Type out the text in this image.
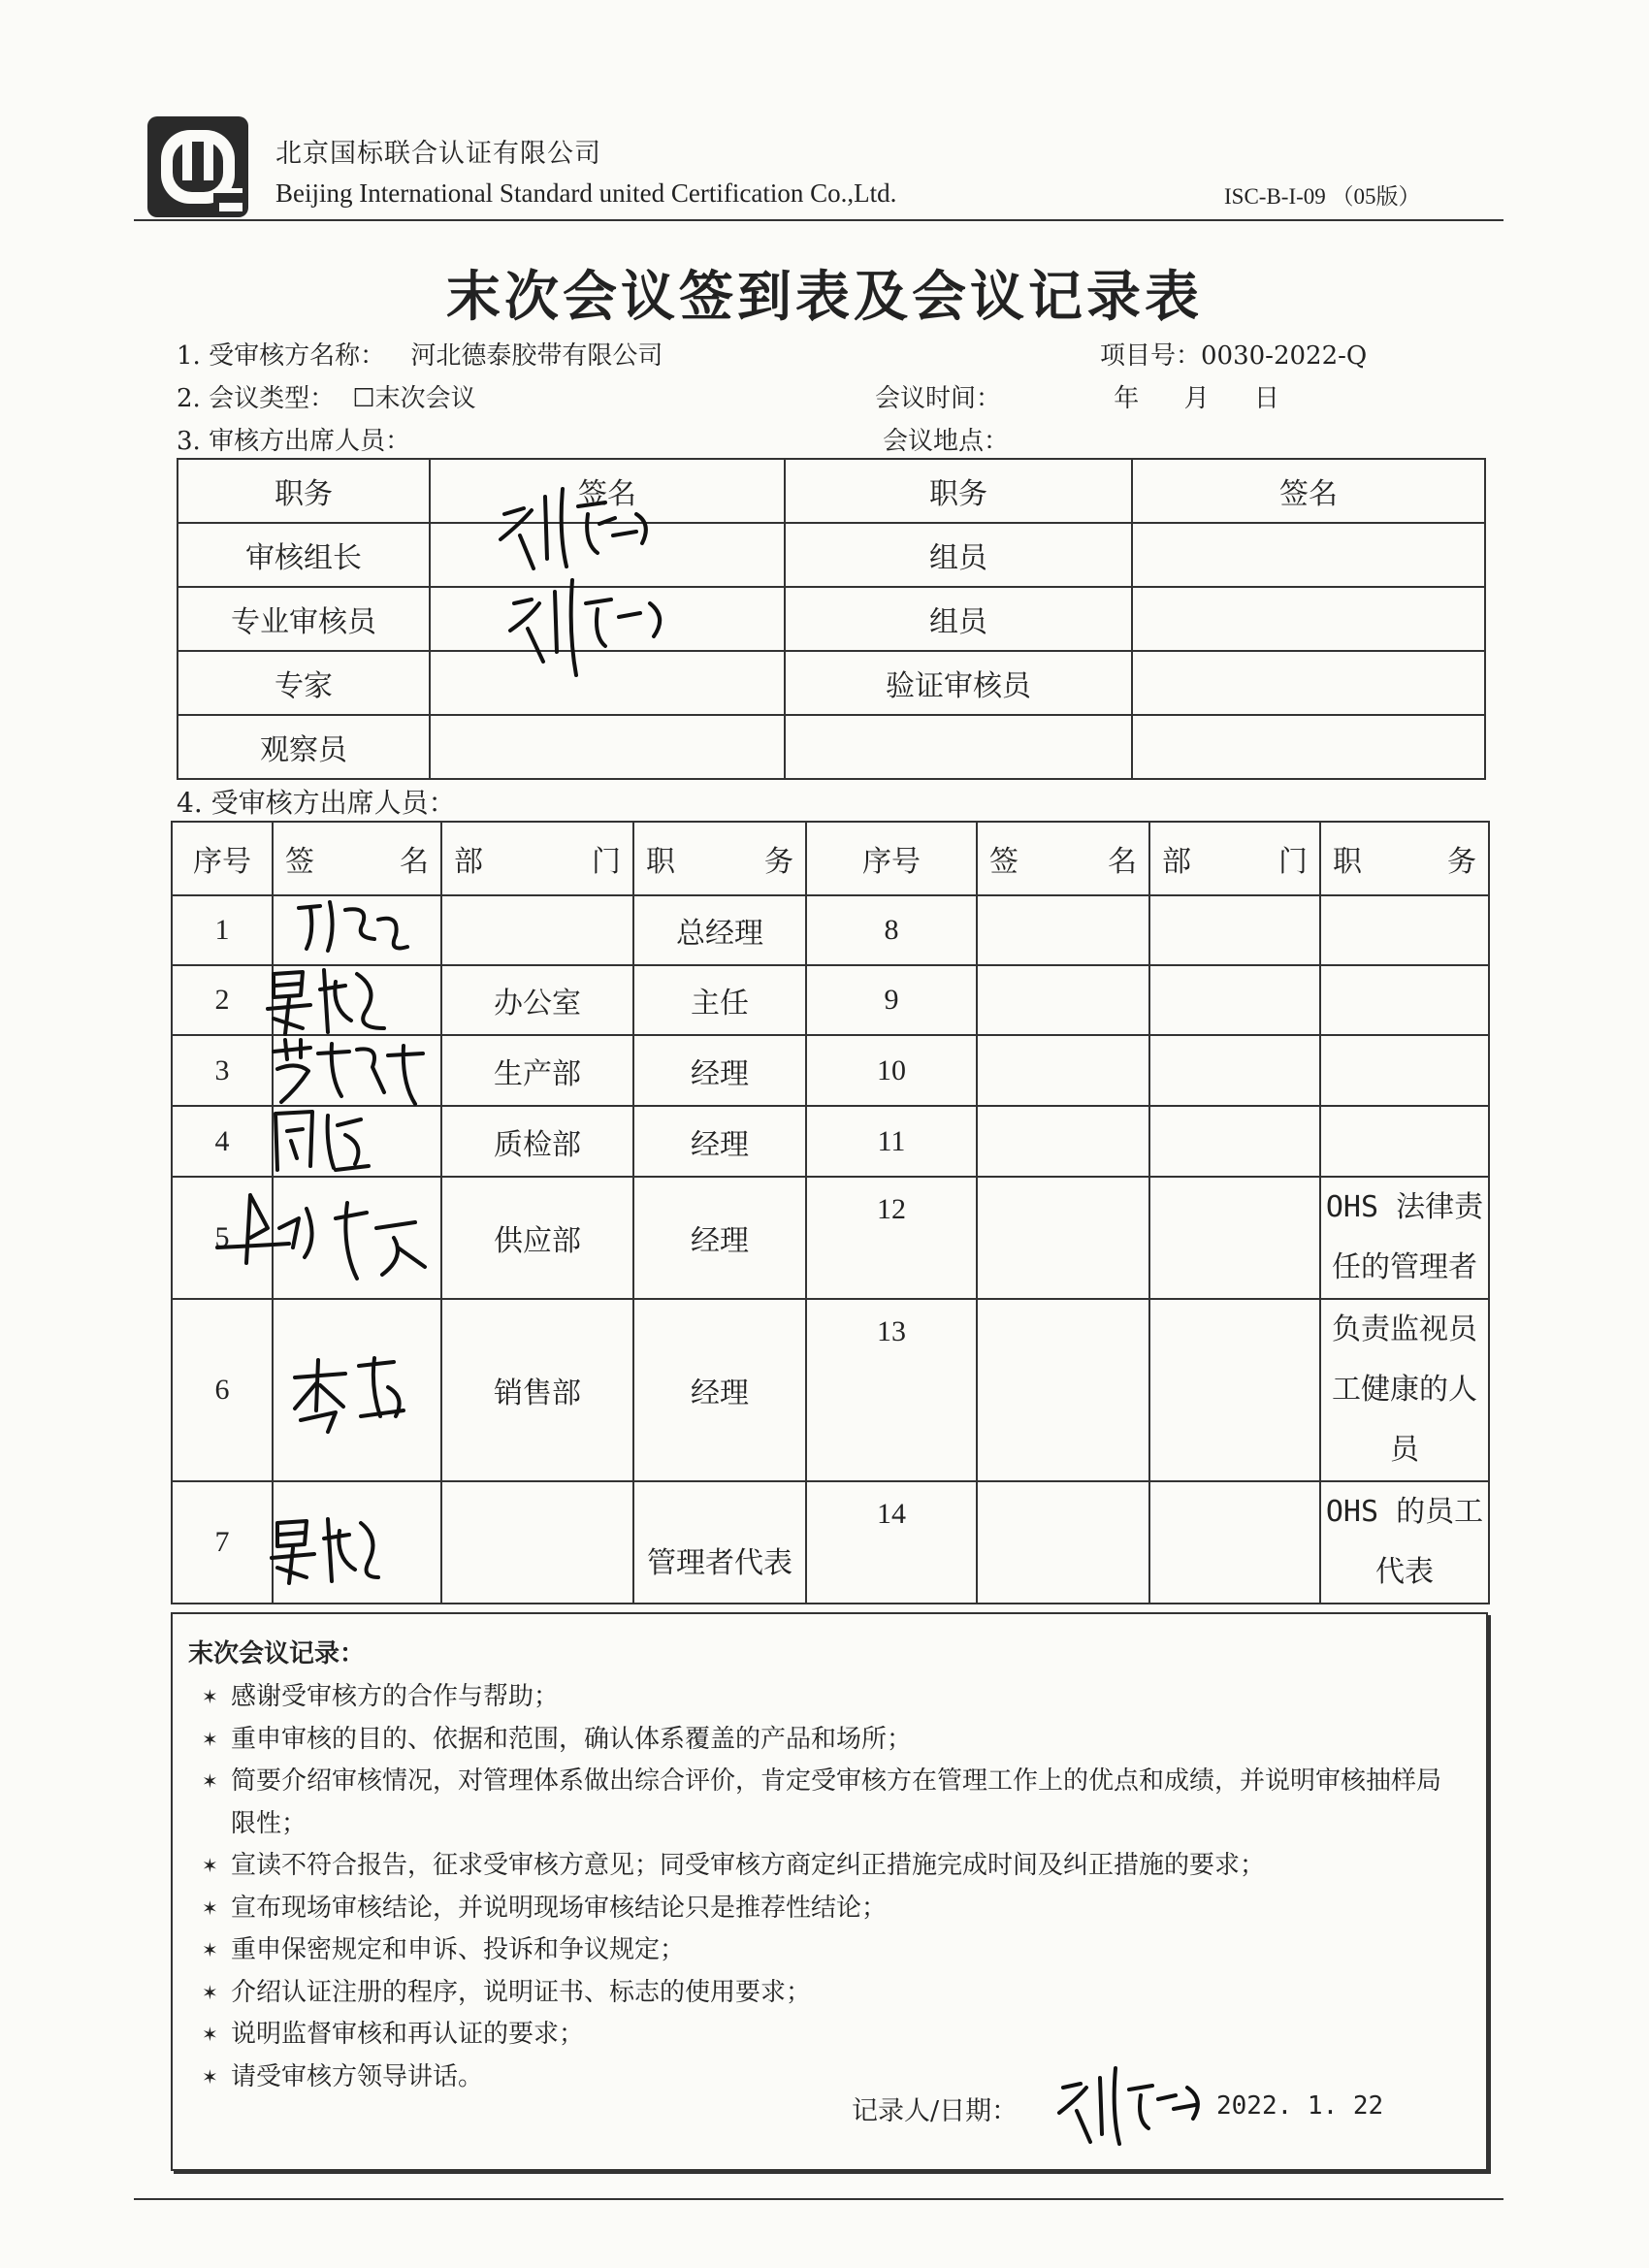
北京国标联合认证有限公司
Beijing International Standard united Certification Co.,Ltd.	ISC-B-I-09 （05版）
末次会议签到表及会议记录表
1. 受审核方名称： 河北德泰胶带有限公司	项目号：0030-2022-Q
2. 会议类型： ☐末次会议	会议时间：	年 月 日
3. 审核方出席人员：	会议地点：
职务	签名	职务	签名
审核组长		组员	
专业审核员		组员	
专家		验证审核员	
观察员			
4. 受审核方出席人员：
序号	签 名	部 门	职 务	序号	签 名	部 门	职 务
1			总经理	8			
2		办公室	主任	9			
3		生产部	经理	10			
4		质检部	经理	11			
5		供应部	经理	12			OHS 法律责任的管理者
6		销售部	经理	13			负责监视员工健康的人员
7			管理者代表	14			OHS 的员工代表
末次会议记录：
✶ 感谢受审核方的合作与帮助；
✶ 重申审核的目的、依据和范围，确认体系覆盖的产品和场所；
✶ 简要介绍审核情况，对管理体系做出综合评价，肯定受审核方在管理工作上的优点和成绩，并说明审核抽样局限性；
✶ 宣读不符合报告，征求受审核方意见；同受审核方商定纠正措施完成时间及纠正措施的要求；
✶ 宣布现场审核结论，并说明现场审核结论只是推荐性结论；
✶ 重申保密规定和申诉、投诉和争议规定；
✶ 介绍认证注册的程序，说明证书、标志的使用要求；
✶ 说明监督审核和再认证的要求；
✶ 请受审核方领导讲话。
记录人/日期：	2022. 1. 22
